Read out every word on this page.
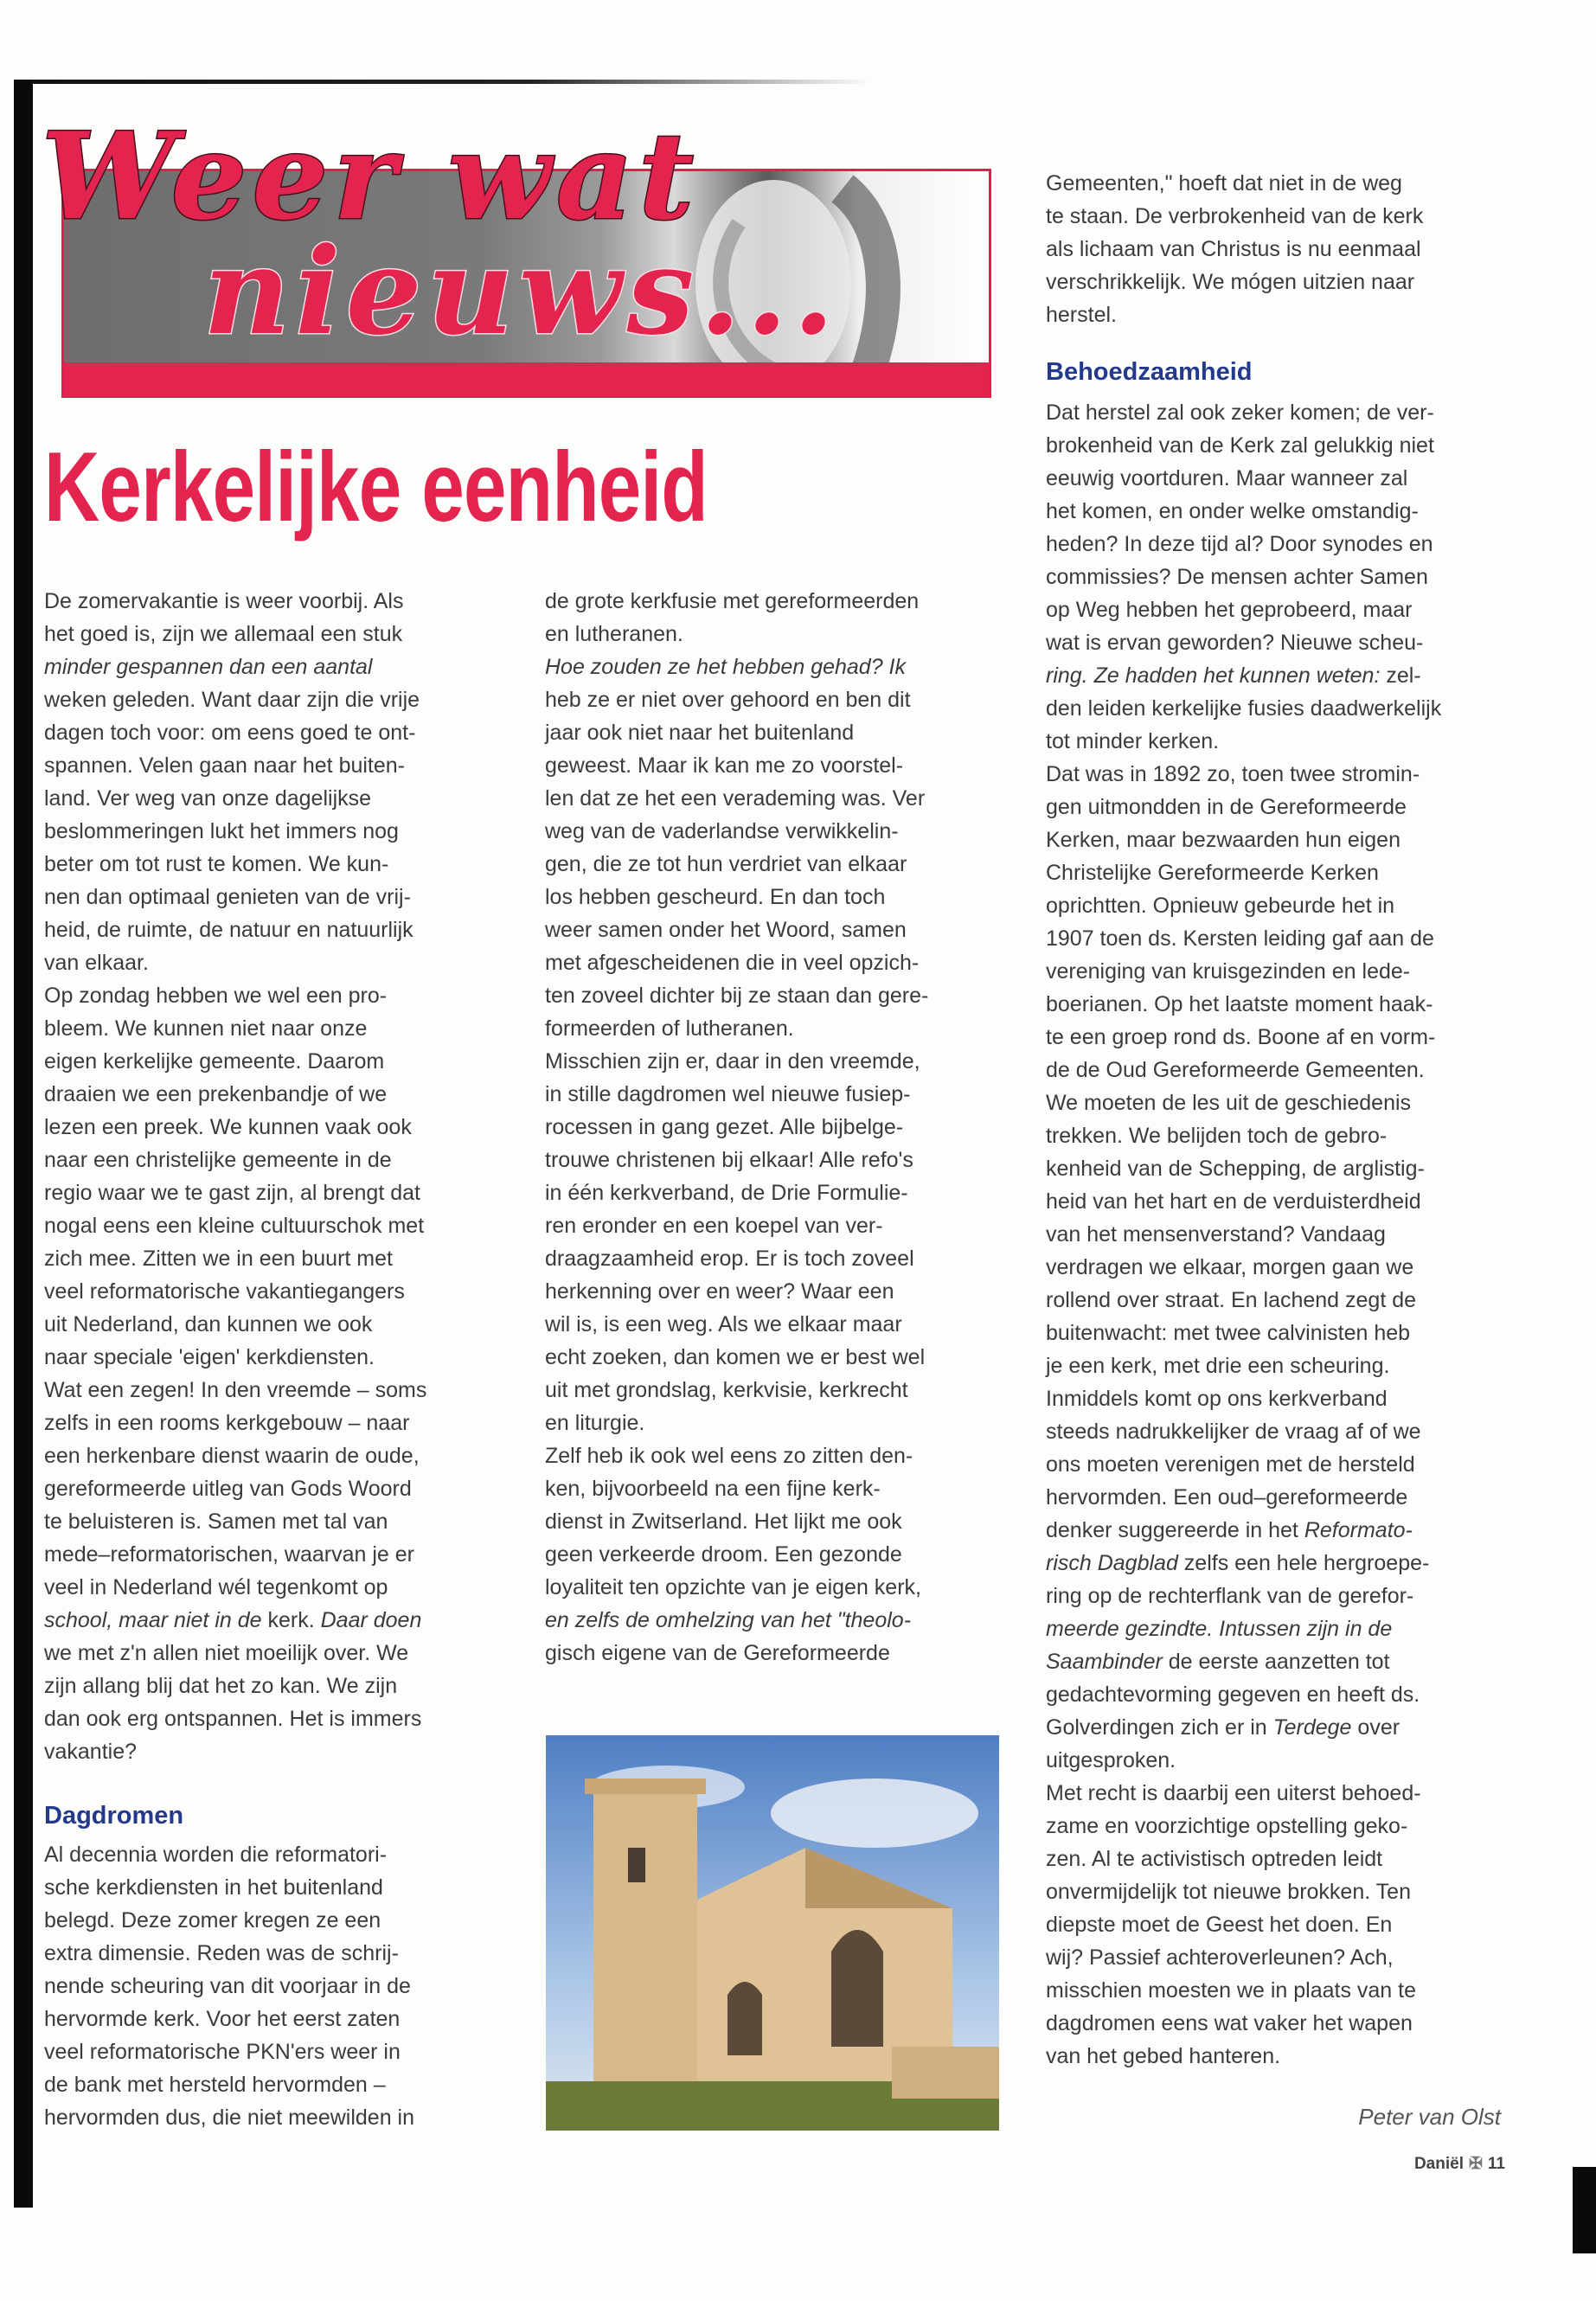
Weer wat
nieuws...
Kerkelijke eenheid
De zomervakantie is weer voorbij. Als
het goed is, zijn we allemaal een stuk
minder gespannen dan een aantal
weken geleden. Want daar zijn die vrije
dagen toch voor: om eens goed te ont-
spannen. Velen gaan naar het buiten-
land. Ver weg van onze dagelijkse
beslommeringen lukt het immers nog
beter om tot rust te komen. We kun-
nen dan optimaal genieten van de vrij-
heid, de ruimte, de natuur en natuurlijk
van elkaar.
Op zondag hebben we wel een pro-
bleem. We kunnen niet naar onze
eigen kerkelijke gemeente. Daarom
draaien we een prekenbandje of we
lezen een preek. We kunnen vaak ook
naar een christelijke gemeente in de
regio waar we te gast zijn, al brengt dat
nogal eens een kleine cultuurschok met
zich mee. Zitten we in een buurt met
veel reformatorische vakantiegangers
uit Nederland, dan kunnen we ook
naar speciale 'eigen' kerkdiensten.
Wat een zegen! In den vreemde – soms
zelfs in een rooms kerkgebouw – naar
een herkenbare dienst waarin de oude,
gereformeerde uitleg van Gods Woord
te beluisteren is. Samen met tal van
mede–reformatorischen, waarvan je er
veel in Nederland wél tegenkomt op
school, maar niet in de kerk. Daar doen
we met z'n allen niet moeilijk over. We
zijn allang blij dat het zo kan. We zijn
dan ook erg ontspannen. Het is immers
vakantie?
Dagdromen
Al decennia worden die reformatori-
sche kerkdiensten in het buitenland
belegd. Deze zomer kregen ze een
extra dimensie. Reden was de schrij-
nende scheuring van dit voorjaar in de
hervormde kerk. Voor het eerst zaten
veel reformatorische PKN'ers weer in
de bank met hersteld hervormden –
hervormden dus, die niet meewilden in
de grote kerkfusie met gereformeerden
en lutheranen.
Hoe zouden ze het hebben gehad? Ik
heb ze er niet over gehoord en ben dit
jaar ook niet naar het buitenland
geweest. Maar ik kan me zo voorstel-
len dat ze het een verademing was. Ver
weg van de vaderlandse verwikkelin-
gen, die ze tot hun verdriet van elkaar
los hebben gescheurd. En dan toch
weer samen onder het Woord, samen
met afgescheidenen die in veel opzich-
ten zoveel dichter bij ze staan dan gere-
formeerden of lutheranen.
Misschien zijn er, daar in den vreemde,
in stille dagdromen wel nieuwe fusiep-
rocessen in gang gezet. Alle bijbelge-
trouwe christenen bij elkaar! Alle refo's
in één kerkverband, de Drie Formulie-
ren eronder en een koepel van ver-
draagzaamheid erop. Er is toch zoveel
herkenning over en weer? Waar een
wil is, is een weg. Als we elkaar maar
echt zoeken, dan komen we er best wel
uit met grondslag, kerkvisie, kerkrecht
en liturgie.
Zelf heb ik ook wel eens zo zitten den-
ken, bijvoorbeeld na een fijne kerk-
dienst in Zwitserland. Het lijkt me ook
geen verkeerde droom. Een gezonde
loyaliteit ten opzichte van je eigen kerk,
en zelfs de omhelzing van het "theolo-
gisch eigene van de Gereformeerde
Gemeenten," hoeft dat niet in de weg
te staan. De verbrokenheid van de kerk
als lichaam van Christus is nu eenmaal
verschrikkelijk. We mógen uitzien naar
herstel.
Behoedzaamheid
Dat herstel zal ook zeker komen; de ver-
brokenheid van de Kerk zal gelukkig niet
eeuwig voortduren. Maar wanneer zal
het komen, en onder welke omstandig-
heden? In deze tijd al? Door synodes en
commissies? De mensen achter Samen
op Weg hebben het geprobeerd, maar
wat is ervan geworden? Nieuwe scheu-
ring. Ze hadden het kunnen weten: zel-
den leiden kerkelijke fusies daadwerkelijk
tot minder kerken.
Dat was in 1892 zo, toen twee stromin-
gen uitmondden in de Gereformeerde
Kerken, maar bezwaarden hun eigen
Christelijke Gereformeerde Kerken
oprichtten. Opnieuw gebeurde het in
1907 toen ds. Kersten leiding gaf aan de
vereniging van kruisgezinden en lede-
boerianen. Op het laatste moment haak-
te een groep rond ds. Boone af en vorm-
de de Oud Gereformeerde Gemeenten.
We moeten de les uit de geschiedenis
trekken. We belijden toch de gebro-
kenheid van de Schepping, de arglistig-
heid van het hart en de verduisterdheid
van het mensenverstand? Vandaag
verdragen we elkaar, morgen gaan we
rollend over straat. En lachend zegt de
buitenwacht: met twee calvinisten heb
je een kerk, met drie een scheuring.
Inmiddels komt op ons kerkverband
steeds nadrukkelijker de vraag af of we
ons moeten verenigen met de hersteld
hervormden. Een oud–gereformeerde
denker suggereerde in het Reformato-
risch Dagblad zelfs een hele hergroepe-
ring op de rechterflank van de gerefor-
meerde gezindte. Intussen zijn in de
Saambinder de eerste aanzetten tot
gedachtevorming gegeven en heeft ds.
Golverdingen zich er in Terdege over
uitgesproken.
Met recht is daarbij een uiterst behoed-
zame en voorzichtige opstelling geko-
zen. Al te activistisch optreden leidt
onvermijdelijk tot nieuwe brokken. Ten
diepste moet de Geest het doen. En
wij? Passief achteroverleunen? Ach,
misschien moesten we in plaats van te
dagdromen eens wat vaker het wapen
van het gebed hanteren.
Peter van Olst
Daniël ✠ 11
